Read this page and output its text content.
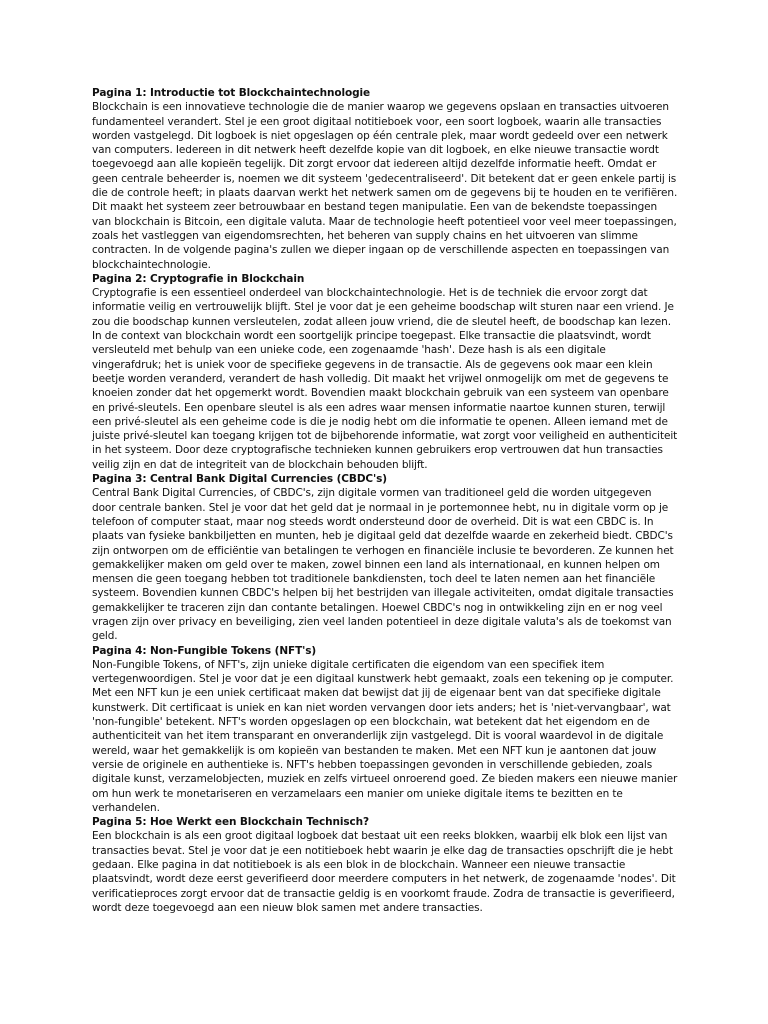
Pagina 1: Introductie tot Blockchaintechnologie

Blockchain is een innovatieve technologie die de manier waarop we gegevens opslaan en transacties uitvoeren fundamenteel verandert. Stel je een groot digitaal notitieboek voor, een soort logboek, waarin alle transacties worden vastgelegd. Dit logboek is niet opgeslagen op één centrale plek, maar wordt gedeeld over een netwerk van computers. Iedereen in dit netwerk heeft dezelfde kopie van dit logboek, en elke nieuwe transactie wordt toegevoegd aan alle kopieën tegelijk. Dit zorgt ervoor dat iedereen altijd dezelfde informatie heeft. Omdat er geen centrale beheerder is, noemen we dit systeem 'gedecentraliseerd'. Dit betekent dat er geen enkele partij is die de controle heeft; in plaats daarvan werkt het netwerk samen om de gegevens bij te houden en te verifiëren. Dit maakt het systeem zeer betrouwbaar en bestand tegen manipulatie. Een van de bekendste toepassingen van blockchain is Bitcoin, een digitale valuta. Maar de technologie heeft potentieel voor veel meer toepassingen, zoals het vastleggen van eigendomsrechten, het beheren van supply chains en het uitvoeren van slimme contracten. In de volgende pagina's zullen we dieper ingaan op de verschillende aspecten en toepassingen van blockchaintechnologie.

Pagina 2: Cryptografie in Blockchain

Cryptografie is een essentieel onderdeel van blockchaintechnologie. Het is de techniek die ervoor zorgt dat informatie veilig en vertrouwelijk blijft. Stel je voor dat je een geheime boodschap wilt sturen naar een vriend. Je zou die boodschap kunnen versleutelen, zodat alleen jouw vriend, die de sleutel heeft, de boodschap kan lezen. In de context van blockchain wordt een soortgelijk principe toegepast. Elke transactie die plaatsvindt, wordt versleuteld met behulp van een unieke code, een zogenaamde 'hash'. Deze hash is als een digitale vingerafdruk; het is uniek voor de specifieke gegevens in de transactie. Als de gegevens ook maar een klein beetje worden veranderd, verandert de hash volledig. Dit maakt het vrijwel onmogelijk om met de gegevens te knoeien zonder dat het opgemerkt wordt. Bovendien maakt blockchain gebruik van een systeem van openbare en privé-sleutels. Een openbare sleutel is als een adres waar mensen informatie naartoe kunnen sturen, terwijl een privé-sleutel als een geheime code is die je nodig hebt om die informatie te openen. Alleen iemand met de juiste privé-sleutel kan toegang krijgen tot de bijbehorende informatie, wat zorgt voor veiligheid en authenticiteit in het systeem. Door deze cryptografische technieken kunnen gebruikers erop vertrouwen dat hun transacties veilig zijn en dat de integriteit van de blockchain behouden blijft.

Pagina 3: Central Bank Digital Currencies (CBDC's)

Central Bank Digital Currencies, of CBDC's, zijn digitale vormen van traditioneel geld die worden uitgegeven door centrale banken. Stel je voor dat het geld dat je normaal in je portemonnee hebt, nu in digitale vorm op je telefoon of computer staat, maar nog steeds wordt ondersteund door de overheid. Dit is wat een CBDC is. In plaats van fysieke bankbiljetten en munten, heb je digitaal geld dat dezelfde waarde en zekerheid biedt. CBDC's zijn ontworpen om de efficiëntie van betalingen te verhogen en financiële inclusie te bevorderen. Ze kunnen het gemakkelijker maken om geld over te maken, zowel binnen een land als internationaal, en kunnen helpen om mensen die geen toegang hebben tot traditionele bankdiensten, toch deel te laten nemen aan het financiële systeem. Bovendien kunnen CBDC's helpen bij het bestrijden van illegale activiteiten, omdat digitale transacties gemakkelijker te traceren zijn dan contante betalingen. Hoewel CBDC's nog in ontwikkeling zijn en er nog veel vragen zijn over privacy en beveiliging, zien veel landen potentieel in deze digitale valuta's als de toekomst van geld.

Pagina 4: Non-Fungible Tokens (NFT's)

Non-Fungible Tokens, of NFT's, zijn unieke digitale certificaten die eigendom van een specifiek item vertegenwoordigen. Stel je voor dat je een digitaal kunstwerk hebt gemaakt, zoals een tekening op je computer. Met een NFT kun je een uniek certificaat maken dat bewijst dat jij de eigenaar bent van dat specifieke digitale kunstwerk. Dit certificaat is uniek en kan niet worden vervangen door iets anders; het is 'niet-vervangbaar', wat 'non-fungible' betekent. NFT's worden opgeslagen op een blockchain, wat betekent dat het eigendom en de authenticiteit van het item transparant en onveranderlijk zijn vastgelegd. Dit is vooral waardevol in de digitale wereld, waar het gemakkelijk is om kopieën van bestanden te maken. Met een NFT kun je aantonen dat jouw versie de originele en authentieke is. NFT's hebben toepassingen gevonden in verschillende gebieden, zoals digitale kunst, verzamelobjecten, muziek en zelfs virtueel onroerend goed. Ze bieden makers een nieuwe manier om hun werk te monetariseren en verzamelaars een manier om unieke digitale items te bezitten en te verhandelen.

Pagina 5: Hoe Werkt een Blockchain Technisch?

Een blockchain is als een groot digitaal logboek dat bestaat uit een reeks blokken, waarbij elk blok een lijst van transacties bevat. Stel je voor dat je een notitieboek hebt waarin je elke dag de transacties opschrijft die je hebt gedaan. Elke pagina in dat notitieboek is als een blok in de blockchain. Wanneer een nieuwe transactie plaatsvindt, wordt deze eerst geverifieerd door meerdere computers in het netwerk, de zogenaamde 'nodes'. Dit verificatieproces zorgt ervoor dat de transactie geldig is en voorkomt fraude. Zodra de transactie is geverifieerd, wordt deze toegevoegd aan een nieuw blok samen met andere transacties.
